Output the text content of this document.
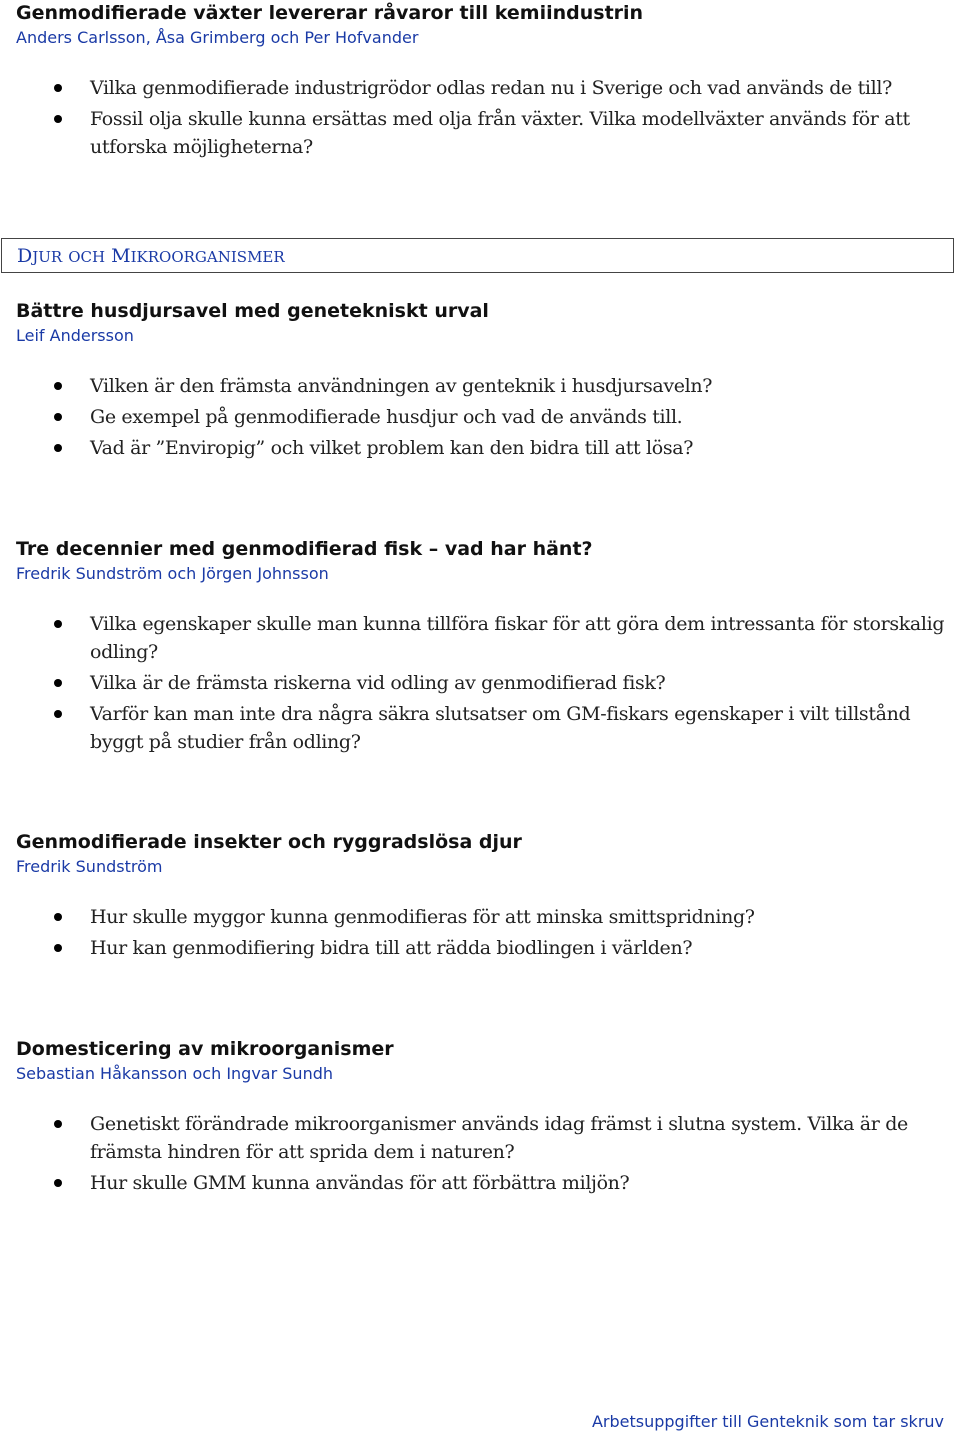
Genmodifierade växter levererar råvaror till kemiindustrin

Anders Carlsson, Åsa Grimberg och Per Hofvander

Vilka genmodifierade industrigrödor odlas redan nu i Sverige och vad används de till?
Fossil olja skulle kunna ersättas med olja från växter. Vilka modellväxter används för att utforska möjligheterna?
DJUR OCH MIKROORGANISMER
Bättre husdjursavel med genetekniskt urval

Leif Andersson

Vilken är den främsta användningen av genteknik i husdjursaveln?
Ge exempel på genmodifierade husdjur och vad de används till.
Vad är ”Enviropig” och vilket problem kan den bidra till att lösa?
Tre decennier med genmodifierad fisk – vad har hänt?

Fredrik Sundström och Jörgen Johnsson

Vilka egenskaper skulle man kunna tillföra fiskar för att göra dem intressanta för storskalig odling?
Vilka är de främsta riskerna vid odling av genmodifierad fisk?
Varför kan man inte dra några säkra slutsatser om GM-fiskars egenskaper i vilt tillstånd byggt på studier från odling?
Genmodifierade insekter och ryggradslösa djur

Fredrik Sundström

Hur skulle myggor kunna genmodifieras för att minska smittspridning?
Hur kan genmodifiering bidra till att rädda biodlingen i världen?
Domesticering av mikroorganismer

Sebastian Håkansson och Ingvar Sundh

Genetiskt förändrade mikroorganismer används idag främst i slutna system. Vilka är de främsta hindren för att sprida dem i naturen?
Hur skulle GMM kunna användas för att förbättra miljön?
Arbetsuppgifter till Genteknik som tar skruv
